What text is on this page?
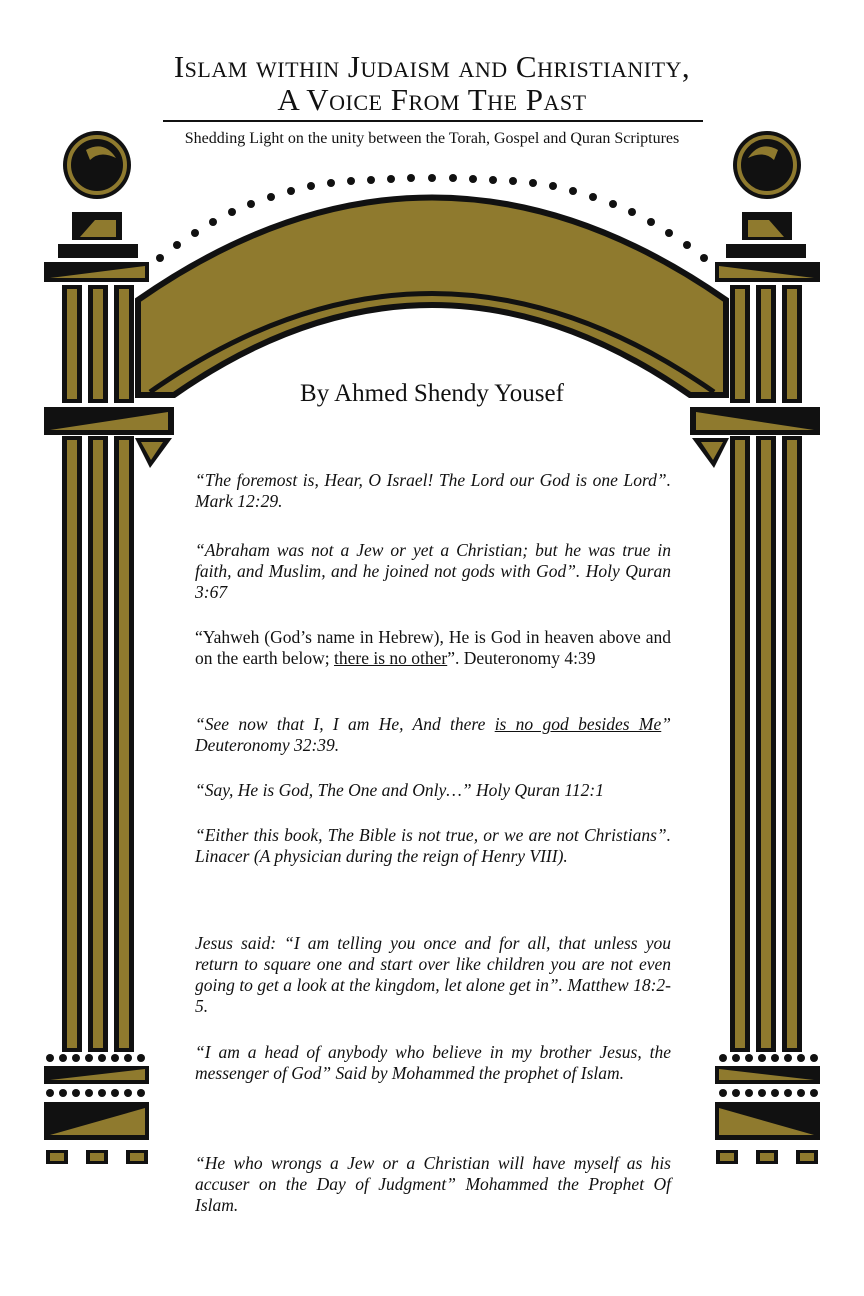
Islam within Judaism and Christianity,
A Voice From The Past
Shedding Light on the unity between the Torah, Gospel and Quran Scriptures
By Ahmed Shendy Yousef
“The foremost is, Hear, O Israel! The Lord our God is one Lord”. Mark 12:29.
“Abraham was not a Jew or yet a Christian; but he was true in faith, and Muslim, and he joined not gods with God”. Holy Quran 3:67
“Yahweh (God’s name in Hebrew), He is God in heaven above and on the earth below; there is no other”. Deuteronomy 4:39
“See now that I, I am He, And there is no god besides Me” Deuteronomy 32:39.
“Say, He is God, The One and Only…” Holy Quran 112:1
“Either this book, The Bible is not true, or we are not Christians”. Linacer (A physician during the reign of Henry VIII).
Jesus said: “I am telling you once and for all, that unless you return to square one and start over like children you are not even going to get a look at the kingdom, let alone get in”. Matthew 18:2-5.
“I am a head of anybody who believe in my brother Jesus, the messenger of God” Said by Mohammed the prophet of Islam.
“He who wrongs a Jew or a Christian will have myself as his accuser on the Day of Judgment” Mohammed the Prophet Of Islam.
